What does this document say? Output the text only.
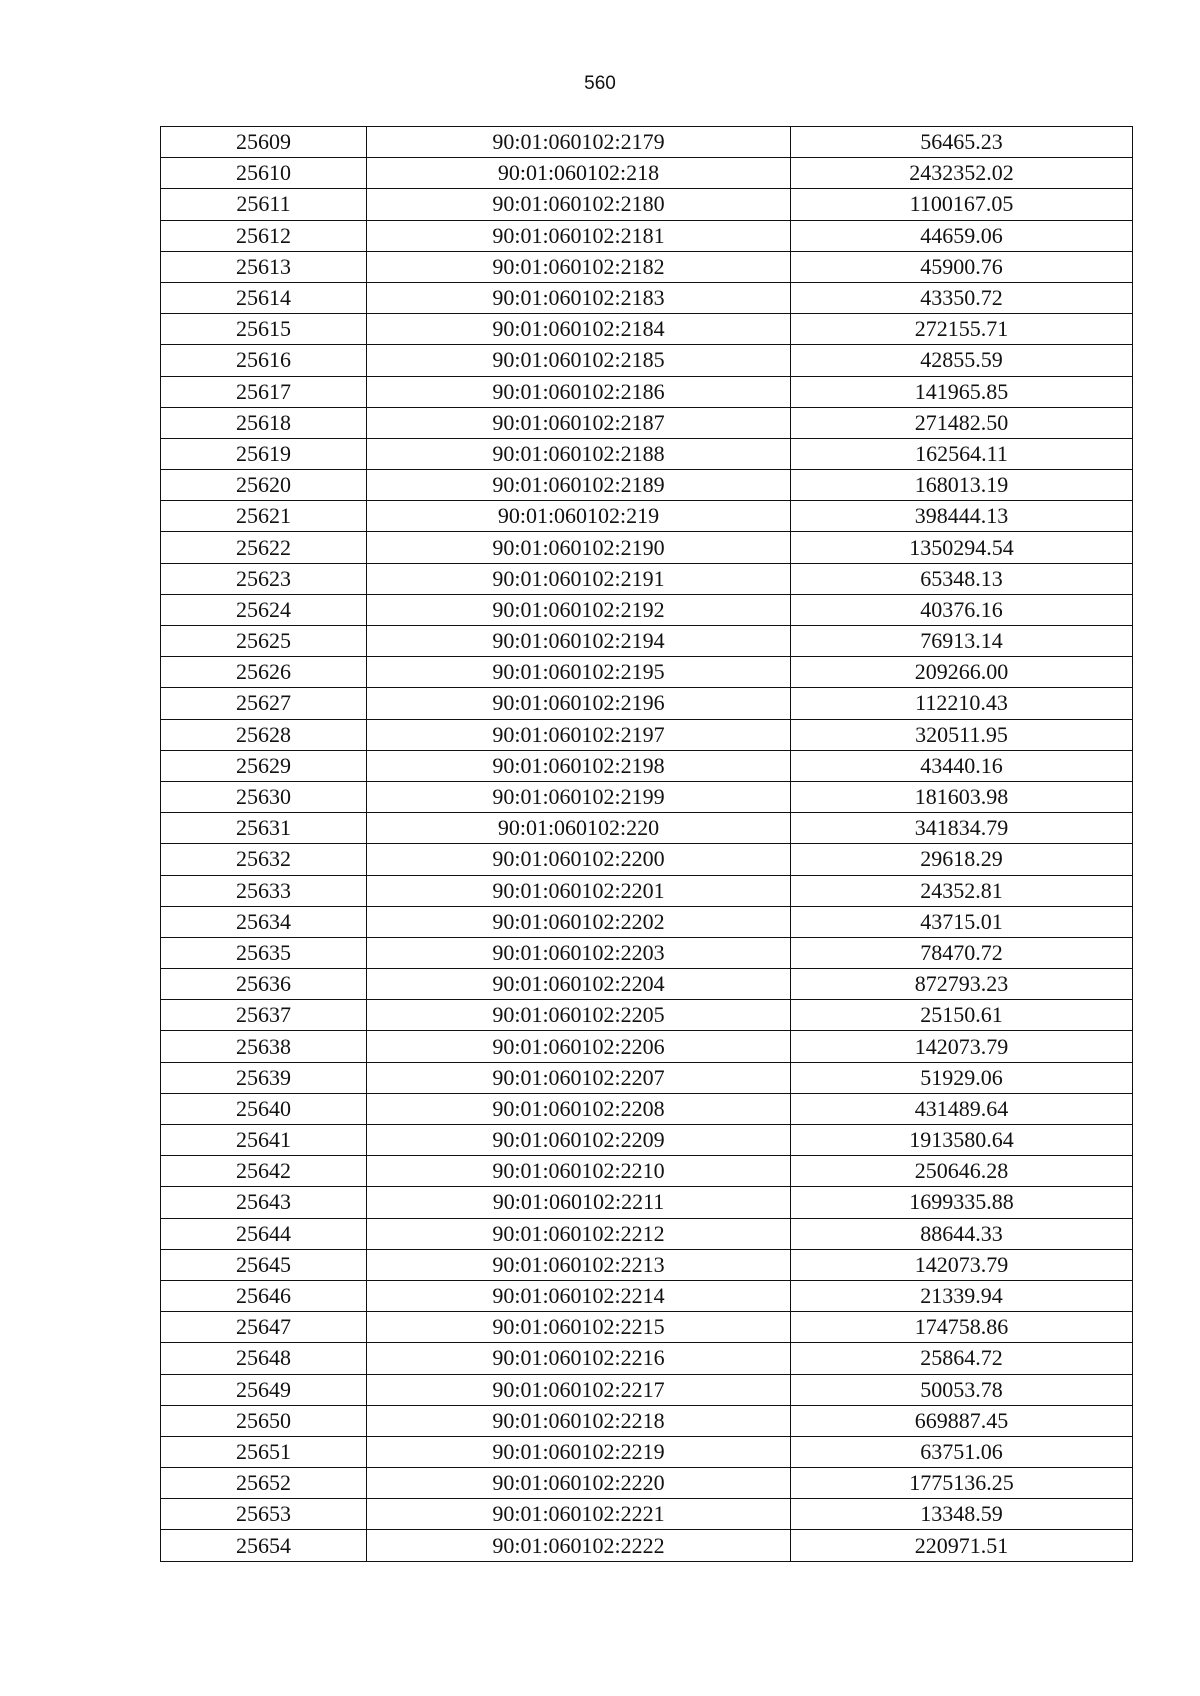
560
25609	90:01:060102:2179	56465.23
25610	90:01:060102:218	2432352.02
25611	90:01:060102:2180	1100167.05
25612	90:01:060102:2181	44659.06
25613	90:01:060102:2182	45900.76
25614	90:01:060102:2183	43350.72
25615	90:01:060102:2184	272155.71
25616	90:01:060102:2185	42855.59
25617	90:01:060102:2186	141965.85
25618	90:01:060102:2187	271482.50
25619	90:01:060102:2188	162564.11
25620	90:01:060102:2189	168013.19
25621	90:01:060102:219	398444.13
25622	90:01:060102:2190	1350294.54
25623	90:01:060102:2191	65348.13
25624	90:01:060102:2192	40376.16
25625	90:01:060102:2194	76913.14
25626	90:01:060102:2195	209266.00
25627	90:01:060102:2196	112210.43
25628	90:01:060102:2197	320511.95
25629	90:01:060102:2198	43440.16
25630	90:01:060102:2199	181603.98
25631	90:01:060102:220	341834.79
25632	90:01:060102:2200	29618.29
25633	90:01:060102:2201	24352.81
25634	90:01:060102:2202	43715.01
25635	90:01:060102:2203	78470.72
25636	90:01:060102:2204	872793.23
25637	90:01:060102:2205	25150.61
25638	90:01:060102:2206	142073.79
25639	90:01:060102:2207	51929.06
25640	90:01:060102:2208	431489.64
25641	90:01:060102:2209	1913580.64
25642	90:01:060102:2210	250646.28
25643	90:01:060102:2211	1699335.88
25644	90:01:060102:2212	88644.33
25645	90:01:060102:2213	142073.79
25646	90:01:060102:2214	21339.94
25647	90:01:060102:2215	174758.86
25648	90:01:060102:2216	25864.72
25649	90:01:060102:2217	50053.78
25650	90:01:060102:2218	669887.45
25651	90:01:060102:2219	63751.06
25652	90:01:060102:2220	1775136.25
25653	90:01:060102:2221	13348.59
25654	90:01:060102:2222	220971.51
